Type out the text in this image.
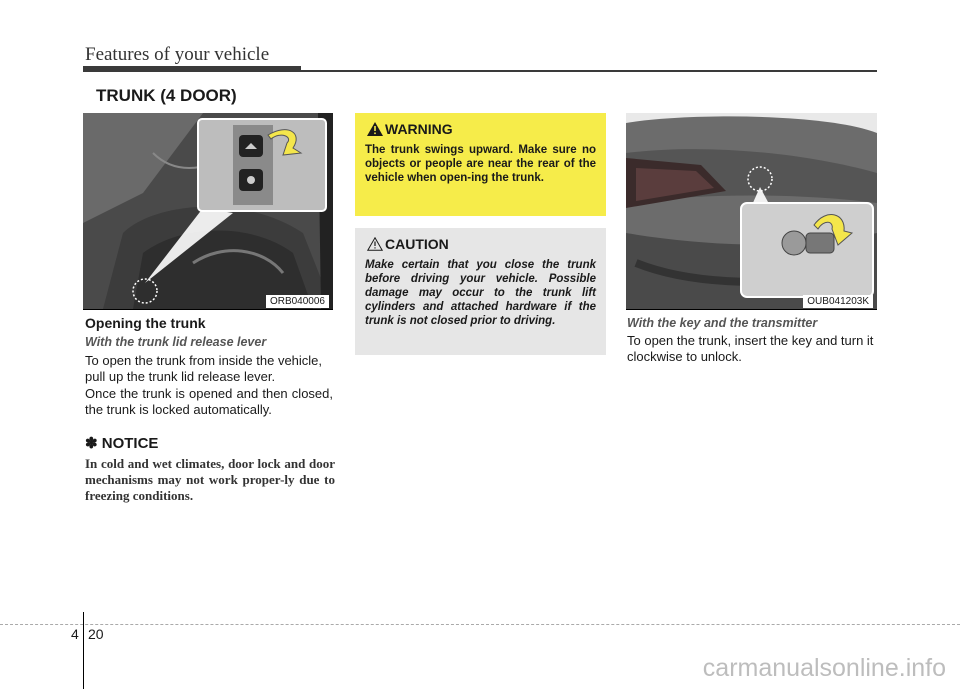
Features of your vehicle
TRUNK (4 DOOR)
ORB040006
Opening the trunk
With the trunk lid release lever
To open the trunk from inside the vehicle, pull up the trunk lid release lever.
Once the trunk is opened and then closed, the trunk is locked automatically.
✽ NOTICE
In cold and wet climates, door lock and door mechanisms may not work proper-ly due to freezing conditions.
WARNING
The trunk swings upward. Make sure no objects or people are near the rear of the vehicle when open-ing the trunk.
CAUTION
Make certain that you close the trunk before driving your vehicle. Possible damage may occur to the trunk lift cylinders and attached hardware if the trunk is not closed prior to driving.
OUB041203K
With the key and the transmitter
To open the trunk, insert the key and turn it clockwise to unlock.
4 20
carmanualsonline.info
